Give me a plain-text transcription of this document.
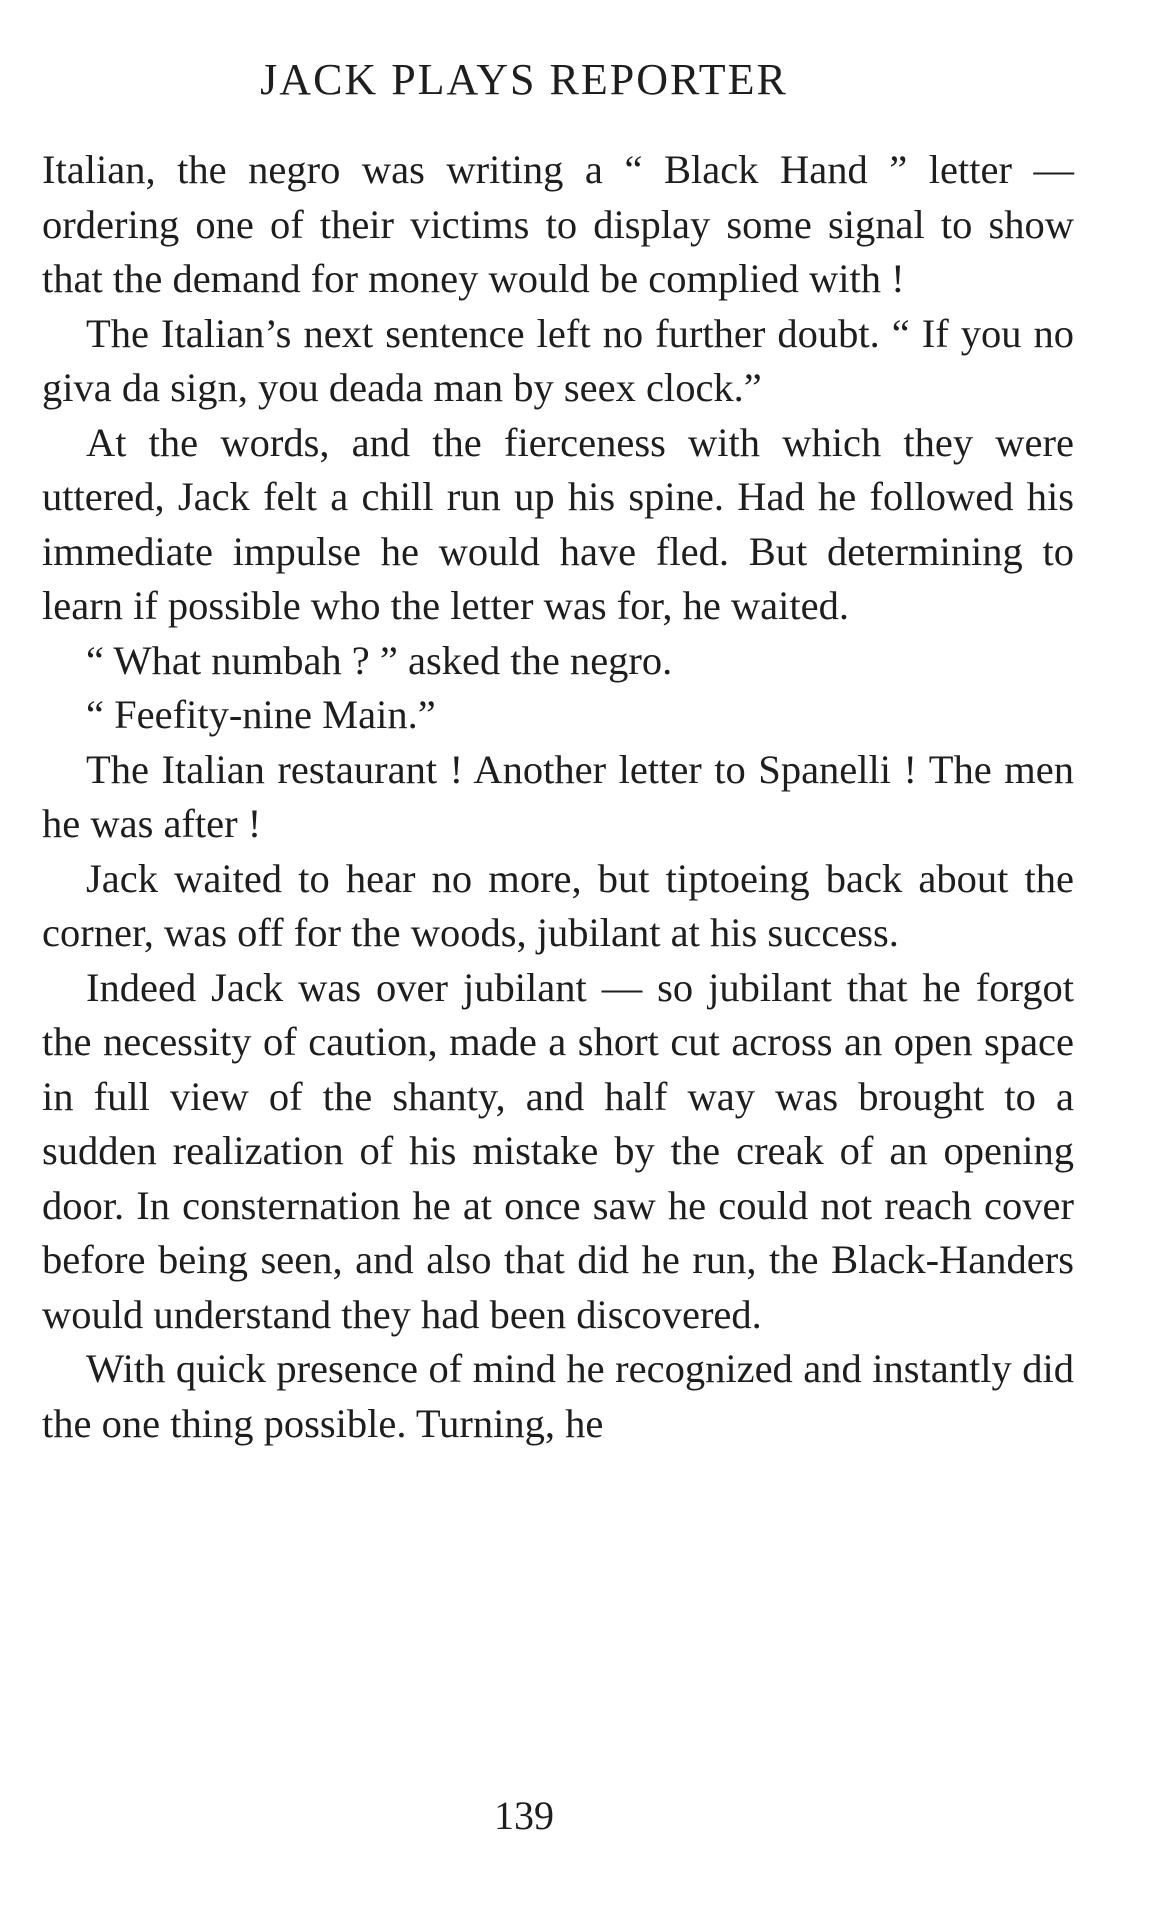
JACK PLAYS REPORTER

Italian, the negro was writing a “ Black Hand ” letter — ordering one of their victims to display some signal to show that the demand for money would be complied with !

The Italian’s next sentence left no further doubt. “ If you no giva da sign, you deada man by seex clock.”

At the words, and the fierceness with which they were uttered, Jack felt a chill run up his spine. Had he followed his immediate impulse he would have fled. But determining to learn if possible who the letter was for, he waited.

“ What numbah ? ” asked the negro.

“ Feefity-nine Main.”

The Italian restaurant ! Another letter to Spanelli ! The men he was after !

Jack waited to hear no more, but tiptoeing back about the corner, was off for the woods, jubilant at his success.

Indeed Jack was over jubilant — so jubilant that he forgot the necessity of caution, made a short cut across an open space in full view of the shanty, and half way was brought to a sudden realization of his mistake by the creak of an opening door. In consternation he at once saw he could not reach cover before being seen, and also that did he run, the Black-Handers would understand they had been discovered.

With quick presence of mind he recognized and instantly did the one thing possible. Turning, he

139
